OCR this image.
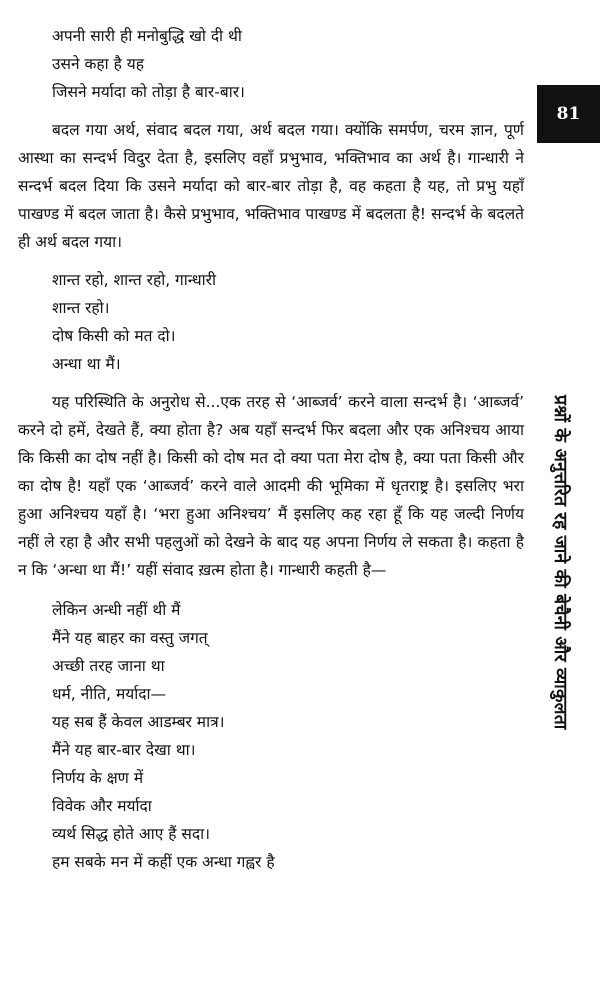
अपनी सारी ही मनोबुद्धि खो दी थी
उसने कहा है यह
जिसने मर्यादा को तोड़ा है बार-बार।

बदल गया अर्थ, संवाद बदल गया, अर्थ बदल गया। क्योंकि समर्पण, चरम ज्ञान, पूर्ण आस्था का सन्दर्भ विदुर देता है, इसलिए वहाँ प्रभुभाव, भक्तिभाव का अर्थ है। गान्धारी ने सन्दर्भ बदल दिया कि उसने मर्यादा को बार-बार तोड़ा है, वह कहता है यह, तो प्रभु यहाँ पाखण्ड में बदल जाता है। कैसे प्रभुभाव, भक्तिभाव पाखण्ड में बदलता है! सन्दर्भ के बदलते ही अर्थ बदल गया।

शान्त रहो, शान्त रहो, गान्धारी
शान्त रहो।
दोष किसी को मत दो।
अन्धा था मैं।

यह परिस्थिति के अनुरोध से...एक तरह से ‘आब्जर्व’ करने वाला सन्दर्भ है। ‘आब्जर्व’ करने दो हमें, देखते हैं, क्या होता है? अब यहाँ सन्दर्भ फिर बदला और एक अनिश्चय आया कि किसी का दोष नहीं है। किसी को दोष मत दो क्या पता मेरा दोष है, क्या पता किसी और का दोष है! यहाँ एक ‘आब्जर्व’ करने वाले आदमी की भूमिका में धृतराष्ट्र है। इसलिए भरा हुआ अनिश्चय यहाँ है। ‘भरा हुआ अनिश्चय’ मैं इसलिए कह रहा हूँ कि यह जल्दी निर्णय नहीं ले रहा है और सभी पहलुओं को देखने के बाद यह अपना निर्णय ले सकता है। कहता है न कि ‘अन्धा था मैं!’ यहीं संवाद ख़त्म होता है। गान्धारी कहती है—

लेकिन अन्धी नहीं थी मैं
मैंने यह बाहर का वस्तु जगत्
अच्छी तरह जाना था
धर्म, नीति, मर्यादा—
यह सब हैं केवल आडम्बर मात्र।
मैंने यह बार-बार देखा था।
निर्णय के क्षण में
विवेक और मर्यादा
व्यर्थ सिद्ध होते आए हैं सदा।
हम सबके मन में कहीं एक अन्धा गह्वर है
81
प्रश्नों के अनुत्तरित रह जाने की बेचैनी और व्याकुलता
